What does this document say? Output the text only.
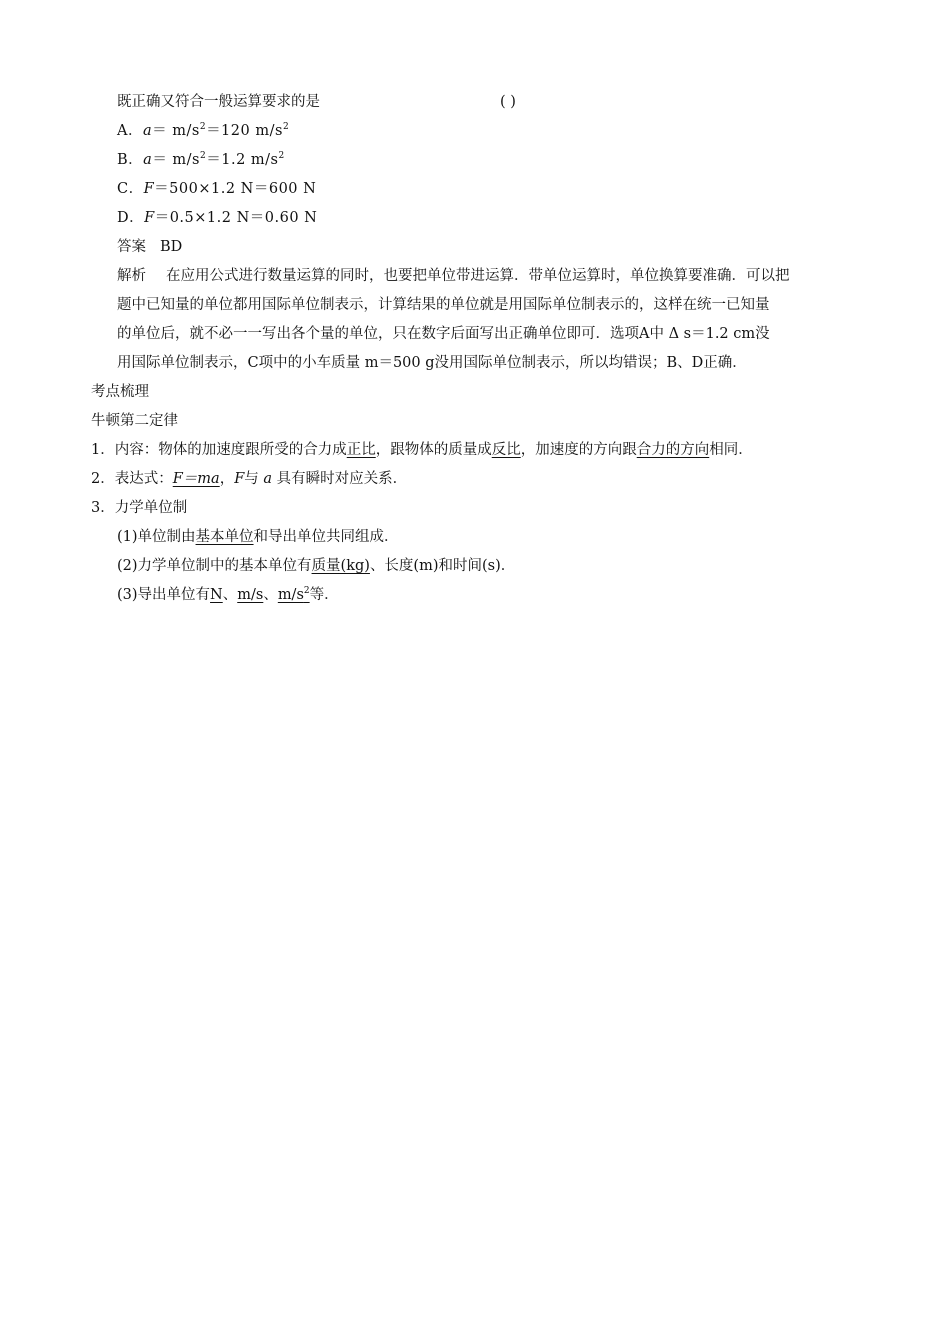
既正确又符合一般运算要求的是	( )
A．$a= m/s^2=120$ $m/s^2$
B．$a= m/s^2=1.2$ $m/s^2$
C．F＝500×1.2 N＝600 N
D．F＝0.5×1.2 N＝0.60 N
答案 BD
解析 在应用公式进行数量运算的同时，也要把单位带进运算．带单位运算时，单位换算要准确．可以把
题中已知量的单位都用国际单位制表示，计算结果的单位就是用国际单位制表示的，这样在统一已知量
的单位后，就不必一一写出各个量的单位，只在数字后面写出正确单位即可．选项A中 Δ s＝1.2 cm没
用国际单位制表示，C项中的小车质量 m＝500 g没用国际单位制表示，所以均错误；B、D正确．
考点梳理
牛顿第二定律
1．内容：物体的加速度跟所受的合力成正比，跟物体的质量成反比，加速度的方向跟合力的方向相同．
2．表达式：F＝ma，F与 a 具有瞬时对应关系．
3．力学单位制
(1)单位制由基本单位和导出单位共同组成．
(2)力学单位制中的基本单位有质量(kg)、长度(m)和时间(s)．
(3)导出单位有N、m/s、$m/s^2$等．
